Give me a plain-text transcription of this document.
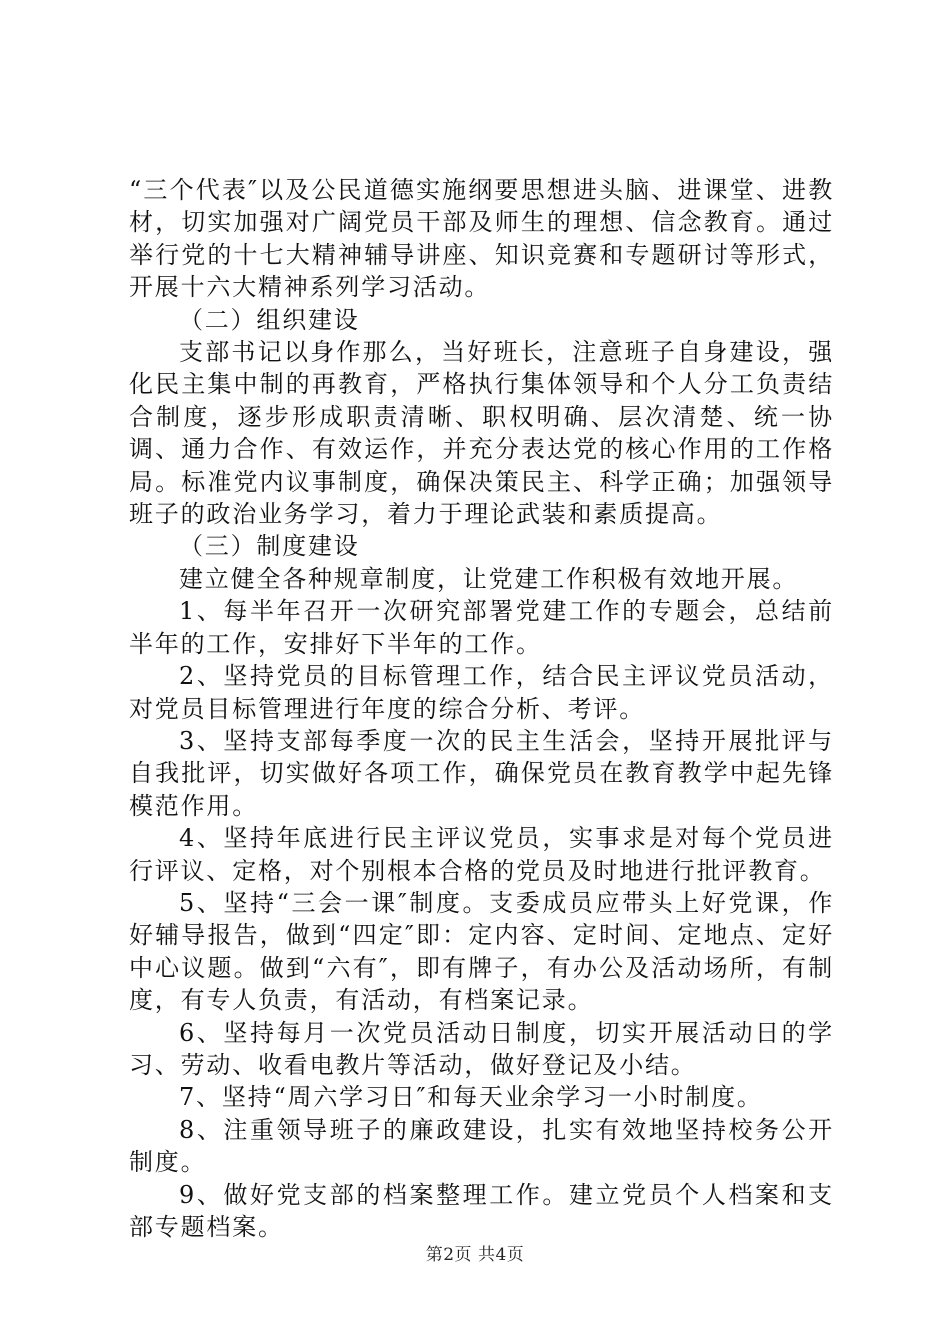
“三个代表″以及公民道德实施纲要思想进头脑、进课堂、进教材，切实加强对广阔党员干部及师生的理想、信念教育。通过举行党的十七大精神辅导讲座、知识竞赛和专题研讨等形式，开展十六大精神系列学习活动。

（二）组织建设

支部书记以身作那么，当好班长，注意班子自身建设，强化民主集中制的再教育，严格执行集体领导和个人分工负责结合制度，逐步形成职责清晰、职权明确、层次清楚、统一协调、通力合作、有效运作，并充分表达党的核心作用的工作格局。标准党内议事制度，确保决策民主、科学正确；加强领导班子的政治业务学习，着力于理论武装和素质提高。

（三）制度建设

建立健全各种规章制度，让党建工作积极有效地开展。

1、每半年召开一次研究部署党建工作的专题会，总结前半年的工作，安排好下半年的工作。

2、坚持党员的目标管理工作，结合民主评议党员活动，对党员目标管理进行年度的综合分析、考评。

3、坚持支部每季度一次的民主生活会，坚持开展批评与自我批评，切实做好各项工作，确保党员在教育教学中起先锋模范作用。

4、坚持年底进行民主评议党员，实事求是对每个党员进行评议、定格，对个别根本合格的党员及时地进行批评教育。

5、坚持“三会一课″制度。支委成员应带头上好党课，作好辅导报告，做到“四定″即：定内容、定时间、定地点、定好中心议题。做到“六有″，即有牌子，有办公及活动场所，有制度，有专人负责，有活动，有档案记录。

6、坚持每月一次党员活动日制度，切实开展活动日的学习、劳动、收看电教片等活动，做好登记及小结。

7、坚持“周六学习日″和每天业余学习一小时制度。

8、注重领导班子的廉政建设，扎实有效地坚持校务公开制度。

9、做好党支部的档案整理工作。建立党员个人档案和支部专题档案。

第2页 共4页
